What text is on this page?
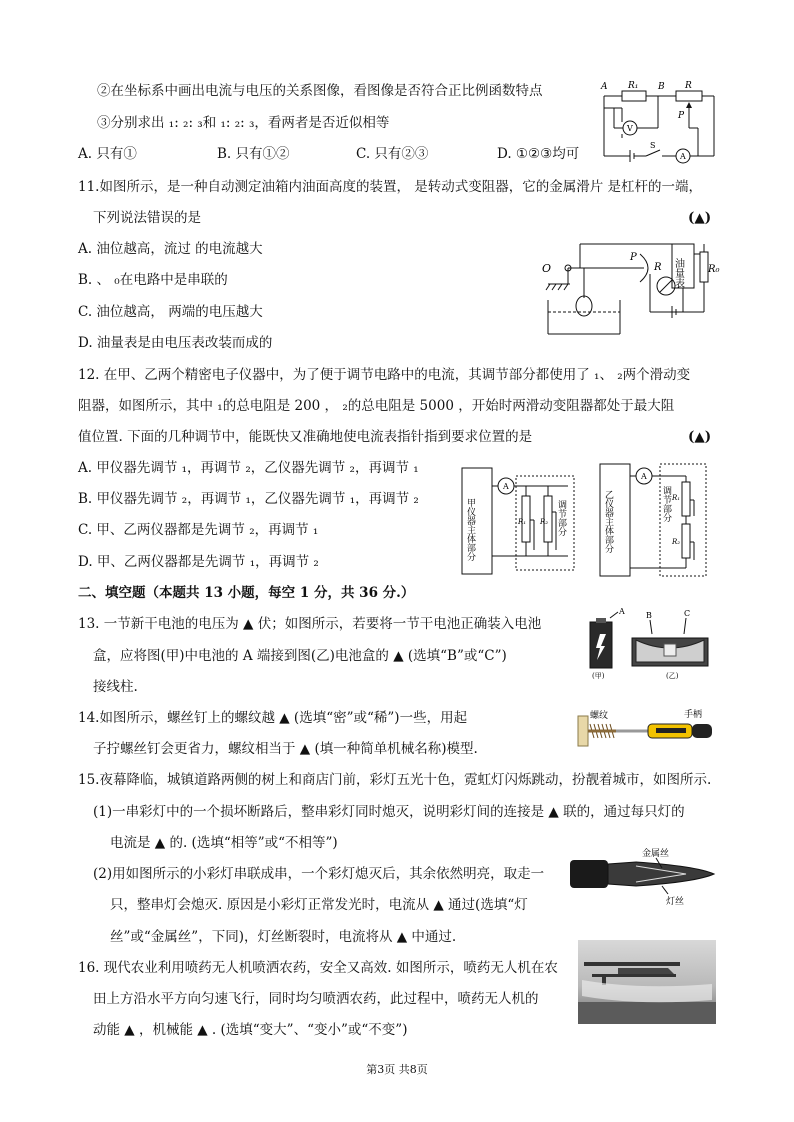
②在坐标系中画出电流与电压的关系图像，看图像是否符合正比例函数特点
③分别求出 ₁: ₂: ₃和 ₁: ₂: ₃，看两者是否近似相等
A. 只有①	B. 只有①②	C. 只有②③	D. ①②③均可
A R₁ B R
P
V
S
A
11.如图所示，是一种自动测定油箱内油面高度的装置， 是转动式变阻器，它的金属滑片 是杠杆的一端，
下列说法错误的是	(▲)
A. 油位越高，流过 的电流越大
B. 、 ₀在电路中是串联的
C. 油位越高， 两端的电压越大
D. 油量表是由电压表改装而成的
O
P
R 油量表 R₀
12. 在甲、乙两个精密电子仪器中，为了便于调节电路中的电流，其调节部分都使用了 ₁、 ₂两个滑动变
阻器，如图所示，其中 ₁的总电阻是 200 ， ₂的总电阻是 5000 ，开始时两滑动变阻器都处于最大阻
值位置. 下面的几种调节中，能既快又准确地使电流表指针指到要求位置的是	(▲)
A. 甲仪器先调节 ₁，再调节 ₂，乙仪器先调节 ₂，再调节 ₁
B. 甲仪器先调节 ₂，再调节 ₁，乙仪器先调节 ₁，再调节 ₂
C. 甲、乙两仪器都是先调节 ₂，再调节 ₁
D. 甲、乙两仪器都是先调节 ₁，再调节 ₂
甲仪器主体部分	调节部分
A
R₁ R₂	乙仪器主体部分	调节部分
A
R₁
R₂
二、填空题（本题共 13 小题，每空 1 分，共 36 分.）
13. 一节新干电池的电压为 ▲ 伏；如图所示，若要将一节干电池正确装入电池
盒，应将图(甲)中电池的 A 端接到图(乙)电池盒的 ▲ (选填“B”或“C”)
接线柱.
A
(甲)
B	C
(乙)
14.如图所示，螺丝钉上的螺纹越 ▲ (选填“密”或“稀”)一些，用起
子拧螺丝钉会更省力，螺纹相当于 ▲ (填一种简单机械名称)模型.
螺纹	手柄
15.夜幕降临，城镇道路两侧的树上和商店门前，彩灯五光十色，霓虹灯闪烁跳动，扮靓着城市，如图所示.
(1)一串彩灯中的一个损坏断路后，整串彩灯同时熄灭，说明彩灯间的连接是 ▲ 联的，通过每只灯的
电流是 ▲ 的. (选填“相等”或“不相等”)
(2)用如图所示的小彩灯串联成串，一个彩灯熄灭后，其余依然明亮，取走一
只，整串灯会熄灭. 原因是小彩灯正常发光时，电流从 ▲ 通过(选填“灯
丝”或“金属丝”，下同)，灯丝断裂时，电流将从 ▲ 中通过.
金属丝
灯丝
16. 现代农业利用喷药无人机喷洒农药，安全又高效. 如图所示，喷药无人机在农
田上方沿水平方向匀速飞行，同时均匀喷洒农药，此过程中，喷药无人机的
动能 ▲ ，机械能 ▲ . (选填“变大”、“变小”或“不变”)
第3页 共8页
